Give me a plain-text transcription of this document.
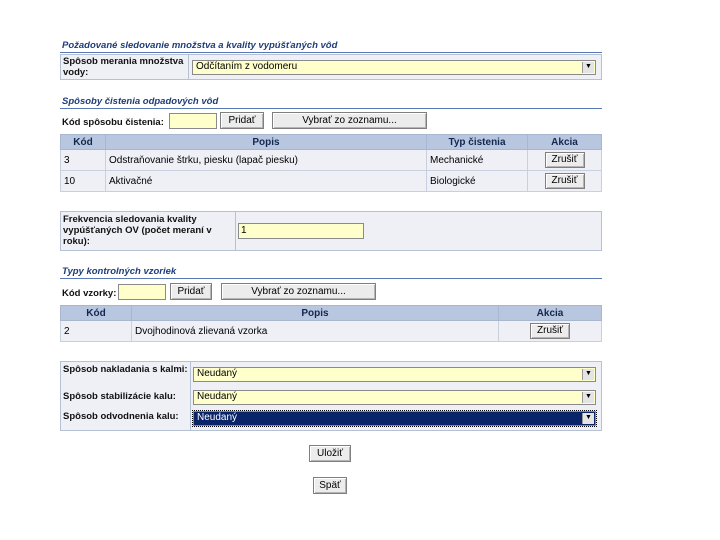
Požadované sledovanie množstva a kvality vypúšťaných vôd
Spôsob merania množstva vody:
Odčítaním z vodomeru	▼
Spôsoby čistenia odpadových vôd
Kód spôsobu čistenia:	Pridať	Vybrať zo zoznamu...
Kód	Popis	Typ čistenia	Akcia
3	Odstraňovanie štrku, piesku (lapač piesku)	Mechanické	Zrušiť
10	Aktivačné	Biologické	Zrušiť
Frekvencia sledovania kvality vypúšťaných OV (počet meraní v roku):
1
Typy kontrolných vzoriek
Kód vzorky:	Pridať	Vybrať zo zoznamu...
Kód	Popis	Akcia
2	Dvojhodinová zlievaná vzorka	Zrušiť
Spôsob nakladania s kalmi: Neudaný	▼
Spôsob stabilizácie kalu:	Neudaný	▼
Spôsob odvodnenia kalu:	Neudaný	▼
Uložiť
Späť
